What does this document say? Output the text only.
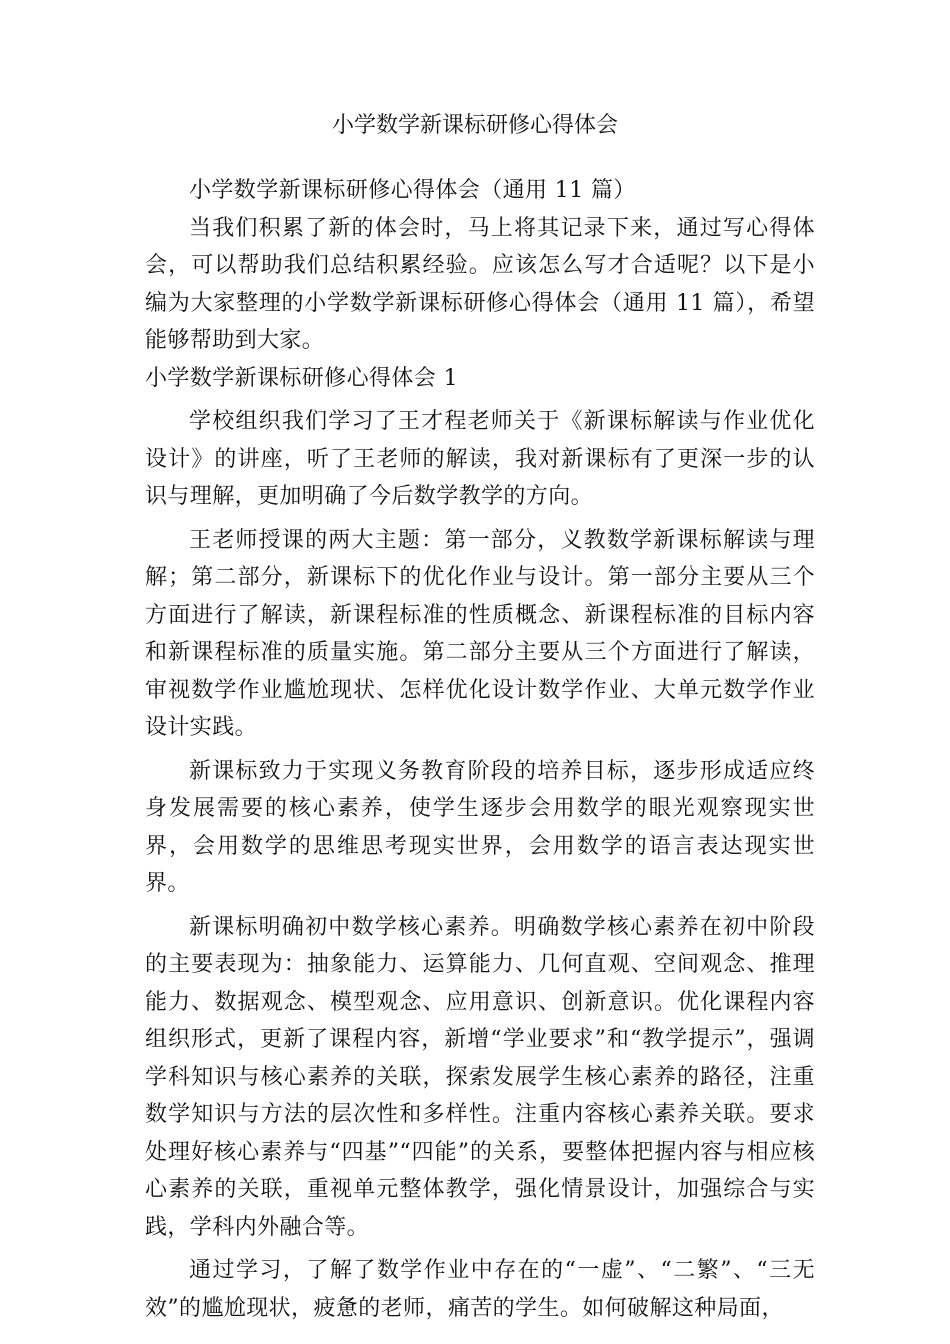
小学数学新课标研修心得体会

小学数学新课标研修心得体会（通用 11 篇）

当我们积累了新的体会时，马上将其记录下来，通过写心得体会，可以帮助我们总结积累经验。应该怎么写才合适呢？以下是小编为大家整理的小学数学新课标研修心得体会（通用 11 篇），希望能够帮助到大家。

小学数学新课标研修心得体会 1

学校组织我们学习了王才程老师关于《新课标解读与作业优化设计》的讲座，听了王老师的解读，我对新课标有了更深一步的认识与理解，更加明确了今后数学教学的方向。

王老师授课的两大主题：第一部分，义教数学新课标解读与理解；第二部分，新课标下的优化作业与设计。第一部分主要从三个方面进行了解读，新课程标准的性质概念、新课程标准的目标内容和新课程标准的质量实施。第二部分主要从三个方面进行了解读，审视数学作业尴尬现状、怎样优化设计数学作业、大单元数学作业设计实践。

新课标致力于实现义务教育阶段的培养目标，逐步形成适应终身发展需要的核心素养，使学生逐步会用数学的眼光观察现实世界，会用数学的思维思考现实世界，会用数学的语言表达现实世界。

新课标明确初中数学核心素养。明确数学核心素养在初中阶段的主要表现为：抽象能力、运算能力、几何直观、空间观念、推理能力、数据观念、模型观念、应用意识、创新意识。优化课程内容组织形式，更新了课程内容，新增“学业要求”和“教学提示”，强调学科知识与核心素养的关联，探索发展学生核心素养的路径，注重数学知识与方法的层次性和多样性。注重内容核心素养关联。要求处理好核心素养与“四基”“四能”的关系，要整体把握内容与相应核心素养的关联，重视单元整体教学，强化情景设计，加强综合与实践，学科内外融合等。

通过学习，了解了数学作业中存在的“一虚”、“二繁”、“三无效”的尴尬现状，疲惫的老师，痛苦的学生。如何破解这种局面，
